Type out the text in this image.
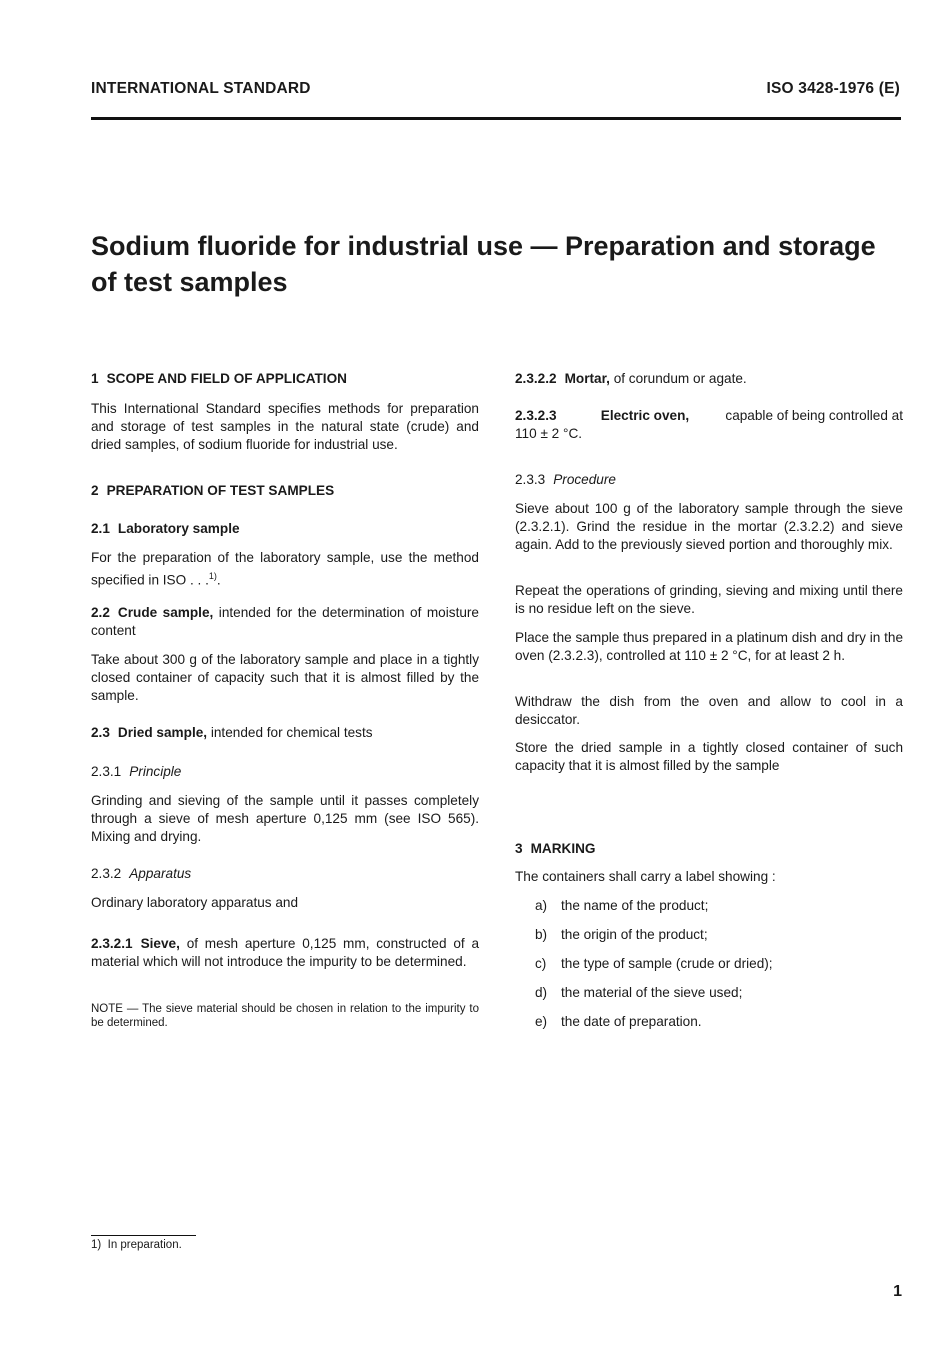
INTERNATIONAL STANDARD	ISO 3428-1976 (E)
Sodium fluoride for industrial use — Preparation and storage
of test samples
1 SCOPE AND FIELD OF APPLICATION

This International Standard specifies methods for preparation and storage of test samples in the natural state (crude) and dried samples, of sodium fluoride for industrial use.

2 PREPARATION OF TEST SAMPLES
2.1 Laboratory sample

For the preparation of the laboratory sample, use the method specified in ISO . . .$^{1)}$.

2.2 Crude sample, intended for the determination of moisture content

Take about 300 g of the laboratory sample and place in a tightly closed container of capacity such that it is almost filled by the sample.

2.3 Dried sample, intended for chemical tests
2.3.1 Principle

Grinding and sieving of the sample until it passes completely through a sieve of mesh aperture 0,125 mm (see ISO 565). Mixing and drying.

2.3.2 Apparatus

Ordinary laboratory apparatus and

2.3.2.1 Sieve, of mesh aperture 0,125 mm, constructed of a material which will not introduce the impurity to be determined.

NOTE — The sieve material should be chosen in relation to the impurity to be determined.

2.3.2.2 Mortar, of corundum or agate.
2.3.2.3	Electric oven,	capable of being controlled at

110 ± 2 °C.

2.3.3 Procedure

Sieve about 100 g of the laboratory sample through the sieve (2.3.2.1). Grind the residue in the mortar (2.3.2.2) and sieve again. Add to the previously sieved portion and thoroughly mix.

Repeat the operations of grinding, sieving and mixing until there is no residue left on the sieve.

Place the sample thus prepared in a platinum dish and dry in the oven (2.3.2.3), controlled at 110 ± 2 °C, for at least 2 h.

Withdraw the dish from the oven and allow to cool in a desiccator.

Store the dried sample in a tightly closed container of such capacity that it is almost filled by the sample

3 MARKING

The containers shall carry a label showing :

a) the name of the product;
b) the origin of the product;
c) the type of sample (crude or dried);
d) the material of the sieve used;
e) the date of preparation.
1) In preparation.
1
